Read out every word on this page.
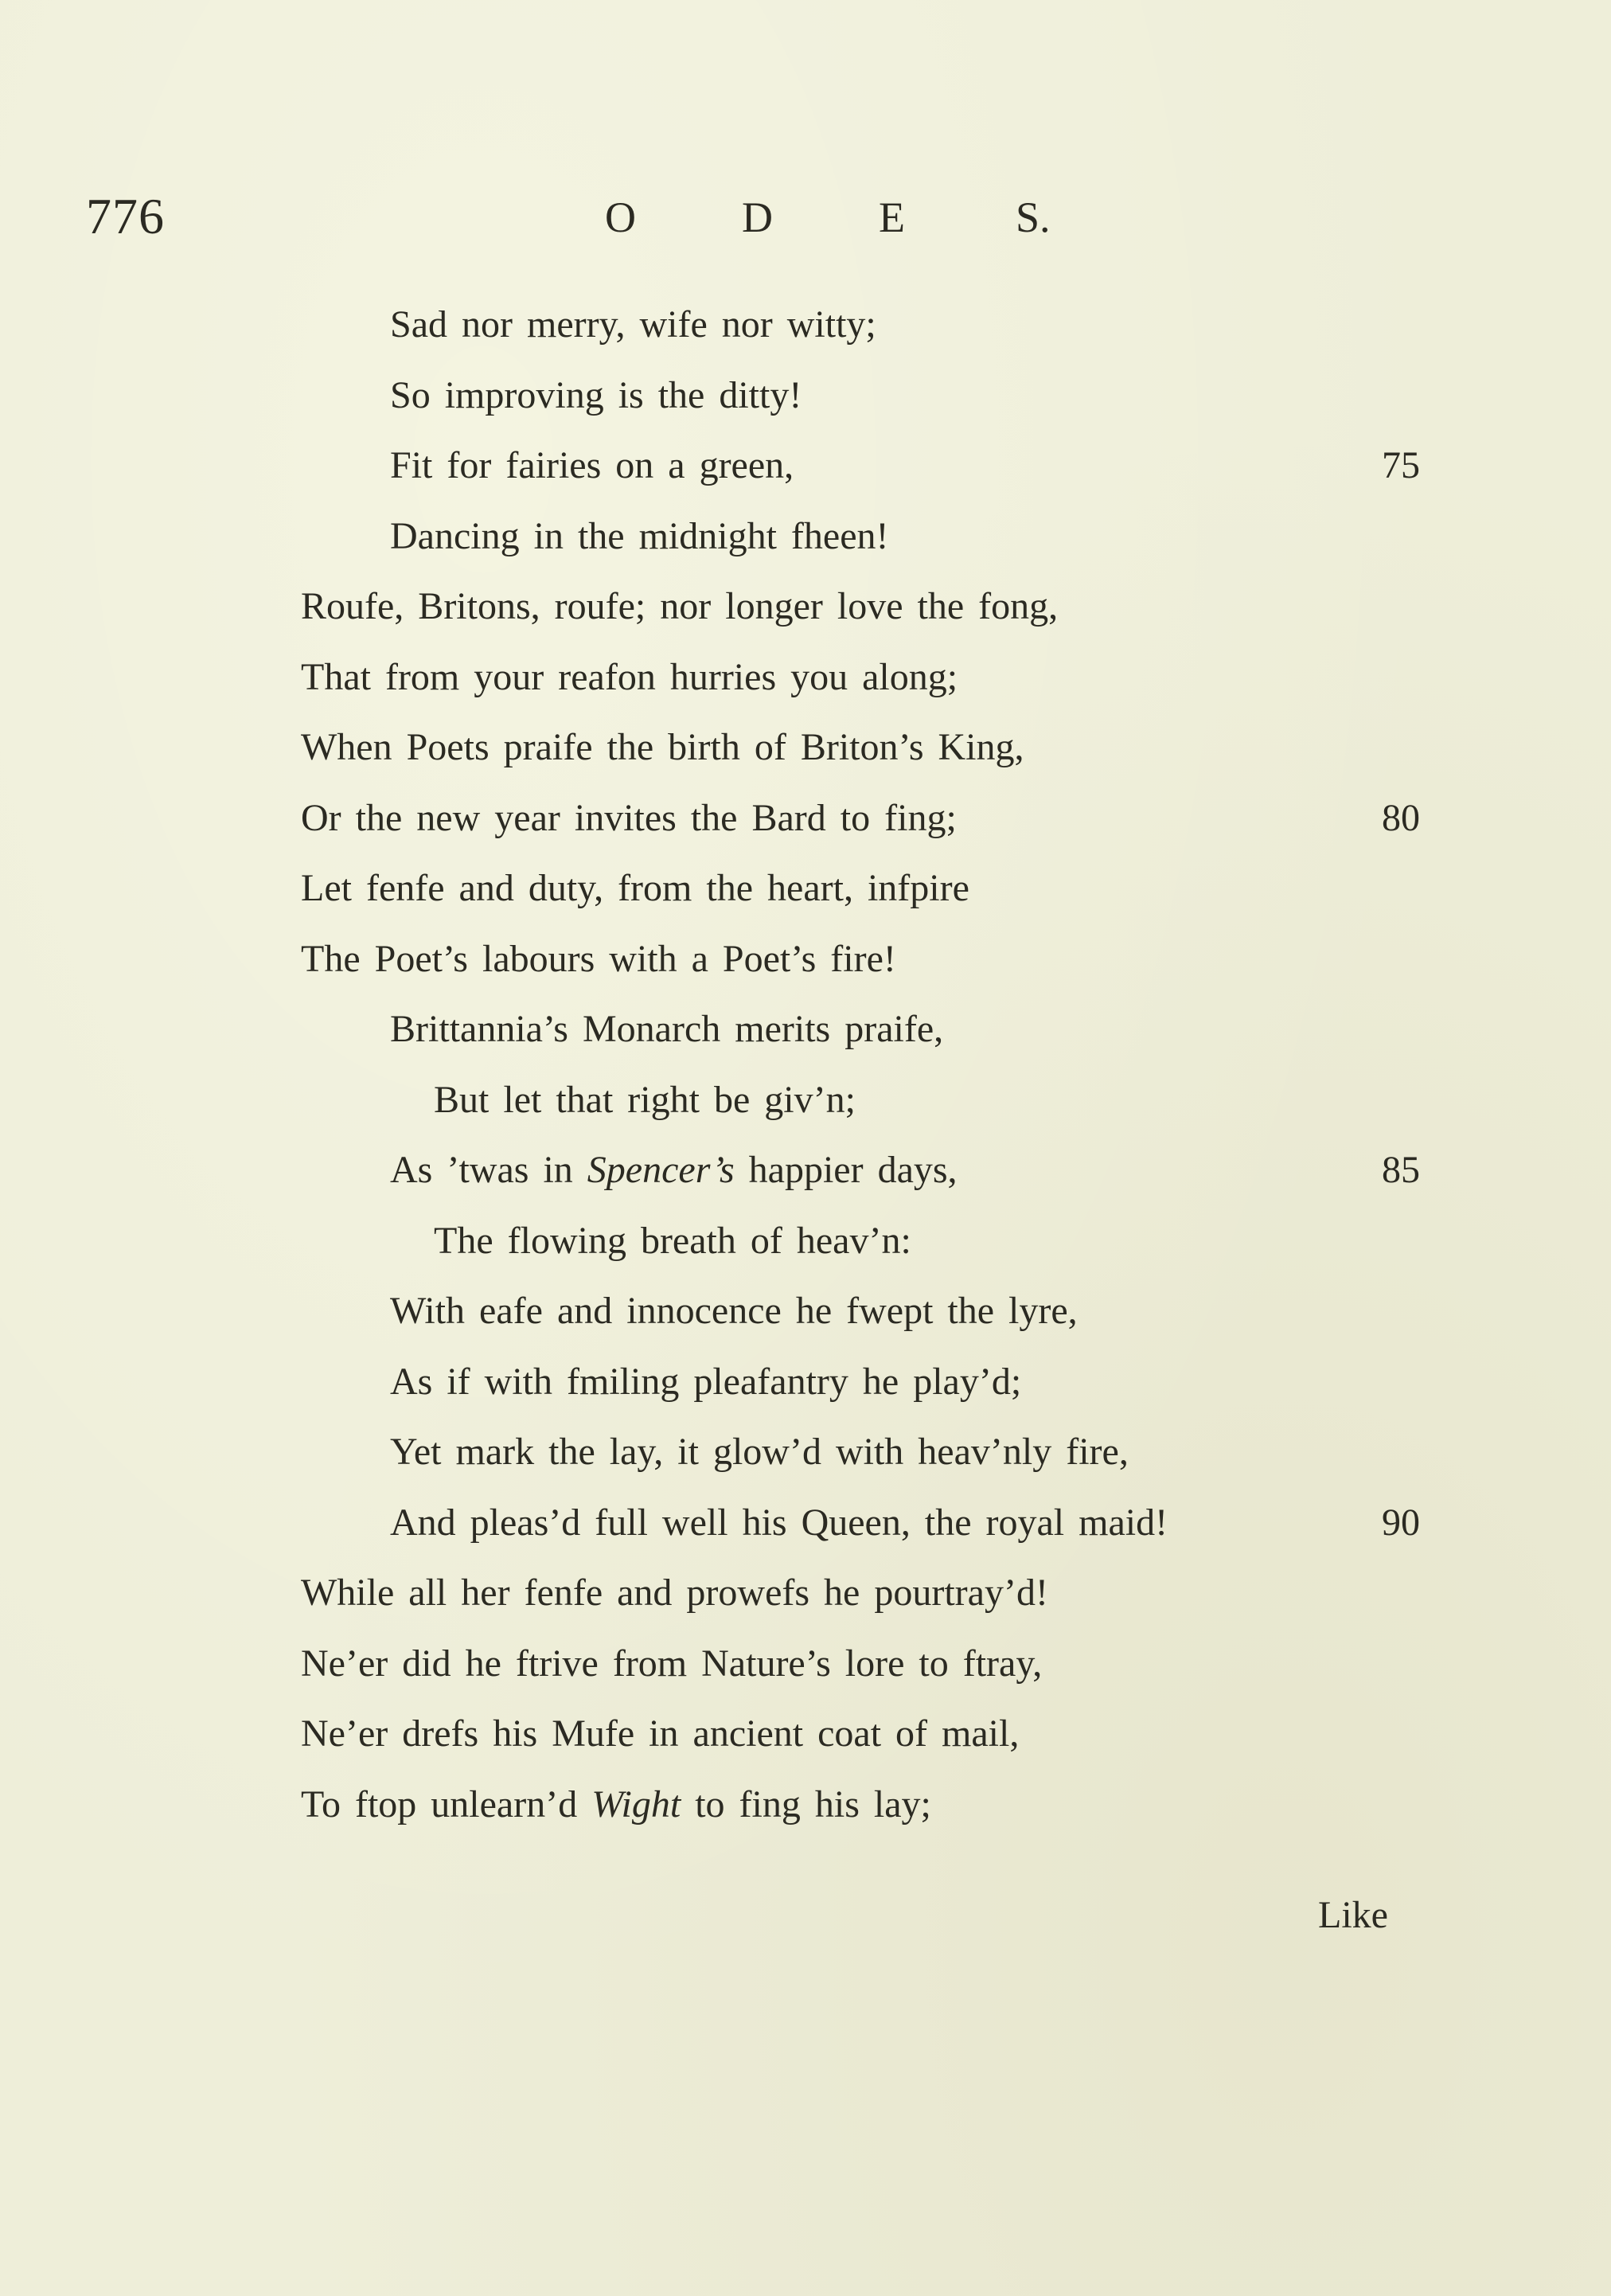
776	O	D	E	S.
Sad nor merry, wife nor witty;
So improving is the ditty!
Fit for fairies on a green,	75
Dancing in the midnight fheen!
Roufe, Britons, roufe; nor longer love the fong,
That from your reafon hurries you along;
When Poets praife the birth of Briton’s King,
Or the new year invites the Bard to fing;	80
Let fenfe and duty, from the heart, infpire
The Poet’s labours with a Poet’s fire!
Brittannia’s Monarch merits praife,
But let that right be giv’n;
As ’twas in Spencer’s happier days,	85
The flowing breath of heav’n:
With eafe and innocence he fwept the lyre,
As if with fmiling pleafantry he play’d;
Yet mark the lay, it glow’d with heav’nly fire,
And pleas’d full well his Queen, the royal maid!	90
While all her fenfe and prowefs he pourtray’d!
Ne’er did he ftrive from Nature’s lore to ftray,
Ne’er drefs his Mufe in ancient coat of mail,
To ftop unlearn’d Wight to fing his lay;
Like
